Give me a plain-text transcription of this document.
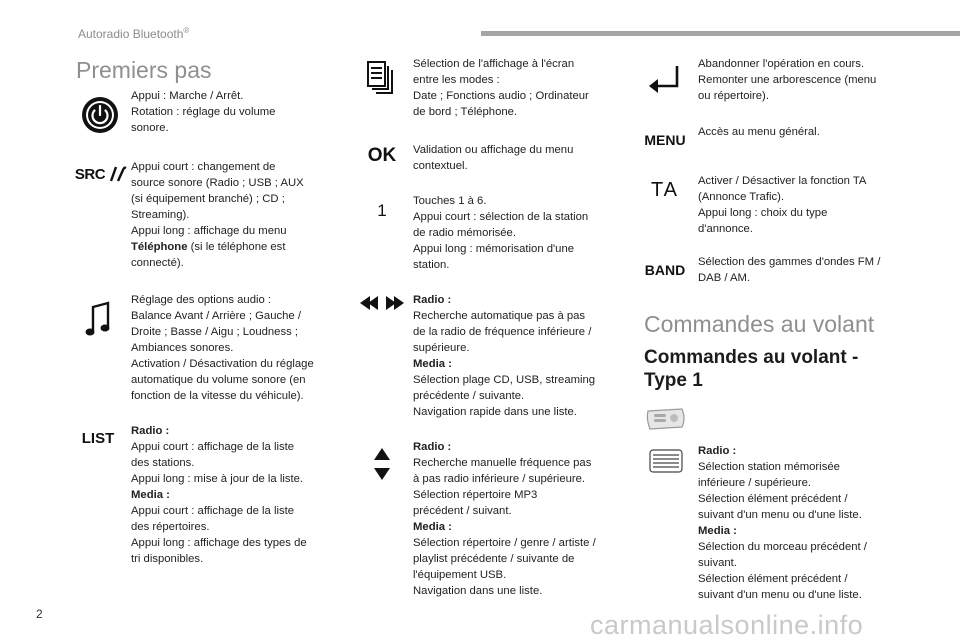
Autoradio Bluetooth®
Premiers pas
Appui : Marche / Arrêt.
Rotation : réglage du volume
sonore.
SRC Appui court : changement de
source sonore (Radio ; USB ; AUX
(si équipement branché) ; CD ;
Streaming).
Appui long : affichage du menu
Téléphone (si le téléphone est
connecté).
Réglage des options audio :
Balance Avant / Arrière ; Gauche /
Droite ; Basse / Aigu ; Loudness ;
Ambiances sonores.
Activation / Désactivation du réglage
automatique du volume sonore (en
fonction de la vitesse du véhicule).
LIST Radio :
Appui court : affichage de la liste
des stations.
Appui long : mise à jour de la liste.
Media :
Appui court : affichage de la liste
des répertoires.
Appui long : affichage des types de
tri disponibles.
Sélection de l'affichage à l'écran
entre les modes :
Date ; Fonctions audio ; Ordinateur
de bord ; Téléphone.
OK Validation ou affichage du menu
contextuel.
1 Touches 1 à 6.
Appui court : sélection de la station
de radio mémorisée.
Appui long : mémorisation d'une
station.
Radio :
Recherche automatique pas à pas
de la radio de fréquence inférieure /
supérieure.
Media :
Sélection plage CD, USB, streaming
précédente / suivante.
Navigation rapide dans une liste.
Radio :
Recherche manuelle fréquence pas
à pas radio inférieure / supérieure.
Sélection répertoire MP3
précédent / suivant.
Media :
Sélection répertoire / genre / artiste /
playlist précédente / suivante de
l'équipement USB.
Navigation dans une liste.
Abandonner l'opération en cours.
Remonter une arborescence (menu
ou répertoire).
MENU Accès au menu général.
TA Activer / Désactiver la fonction TA
(Annonce Trafic).
Appui long : choix du type
d'annonce.
BAND Sélection des gammes d'ondes FM /
DAB / AM.
Commandes au volant
Commandes au volant -
Type 1
Radio :
Sélection station mémorisée
inférieure / supérieure.
Sélection élément précédent /
suivant d'un menu ou d'une liste.
Media :
Sélection du morceau précédent /
suivant.
Sélection élément précédent /
suivant d'un menu ou d'une liste.
2	carmanualsonline.info
